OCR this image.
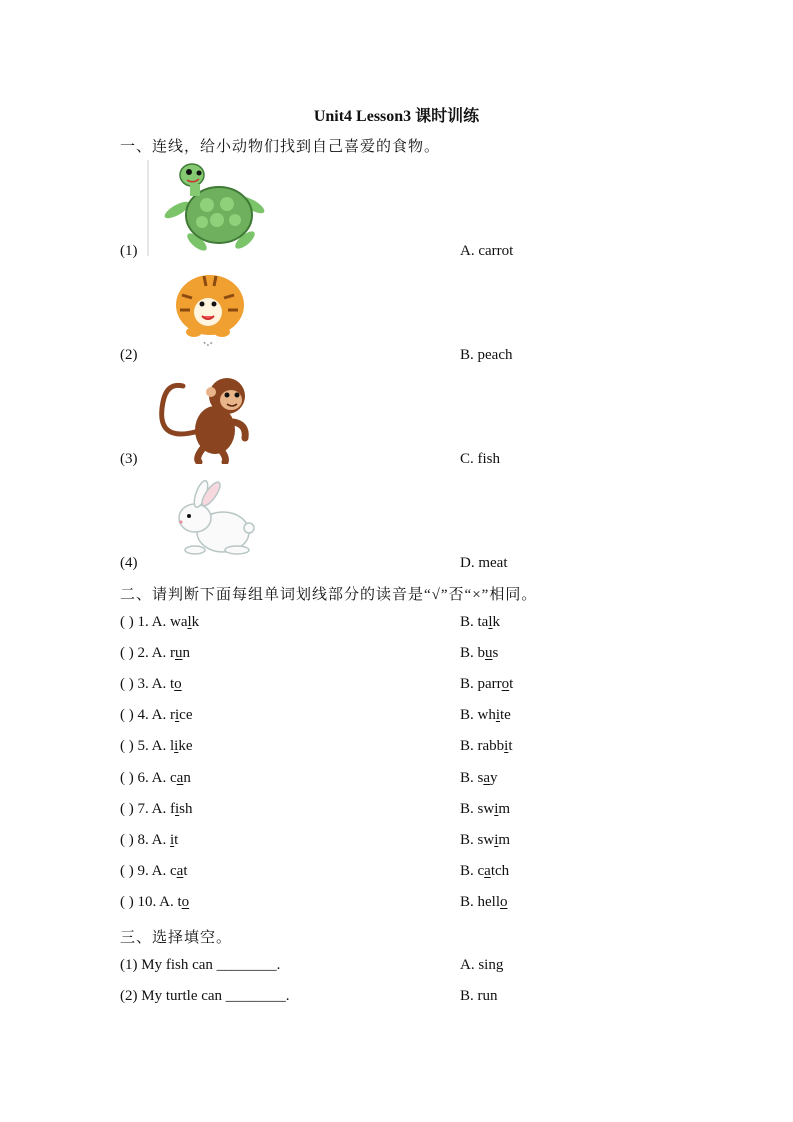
Unit4 Lesson3 课时训练
一、连线，给小动物们找到自己喜爱的食物。
(1)	A. carrot
(2)	B. peach
(3)	C. fish
(4)	D. meat
二、请判断下面每组单词划线部分的读音是“√”否“×”相同。
( ) 1. A. walk	B. talk
( ) 2. A. run	B. bus
( ) 3. A. to	B. parrot
( ) 4. A. rice	B. white
( ) 5. A. like	B. rabbit
( ) 6. A. can	B. say
( ) 7. A. fish	B. swim
( ) 8. A. it	B. swim
( ) 9. A. cat	B. catch
( ) 10. A. to	B. hello
三、选择填空。
(1) My fish can ________.	A. sing
(2) My turtle can ________.	B. run
